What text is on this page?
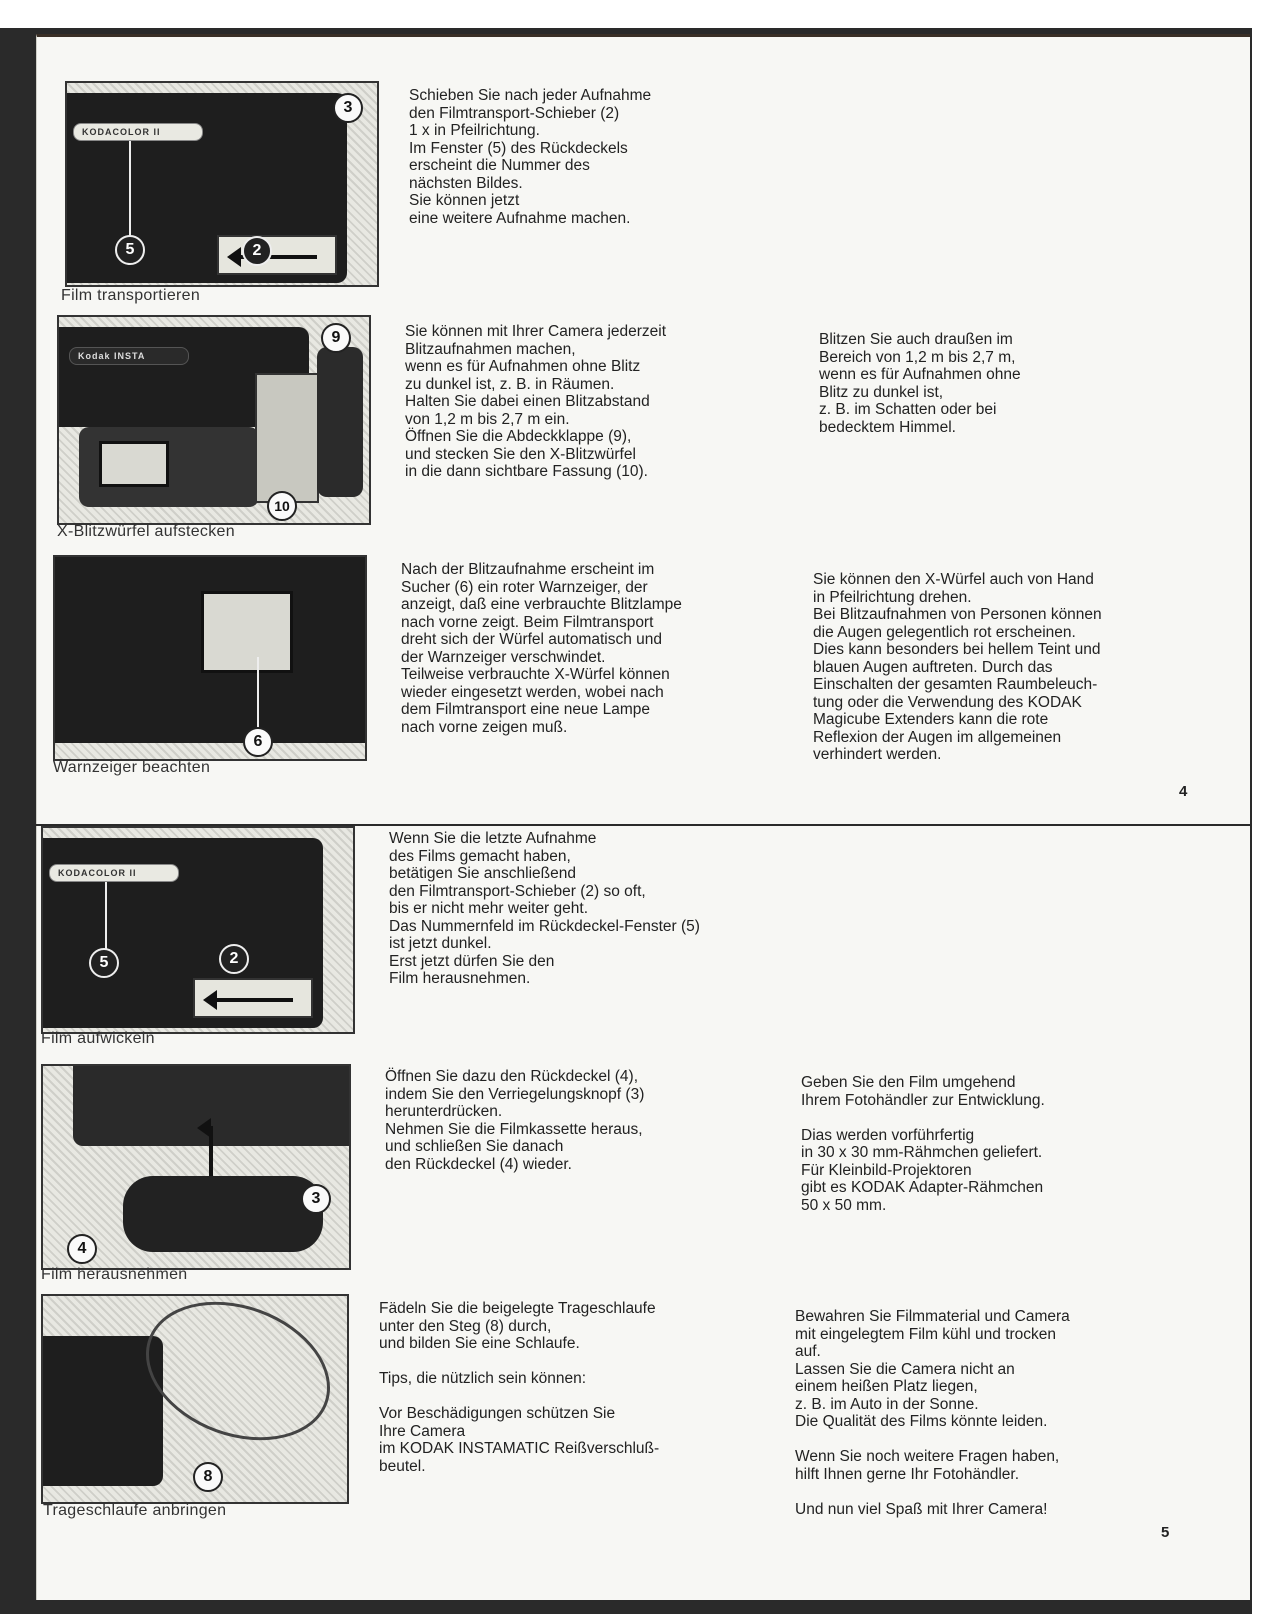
KODACOLOR II
3
5	2
Film transportieren
Schieben Sie nach jeder Aufnahme
den Filmtransport-Schieber (2)
1 x in Pfeilrichtung.
Im Fenster (5) des Rückdeckels
erscheint die Nummer des
nächsten Bildes.
Sie können jetzt
eine weitere Aufnahme machen.
Kodak INSTA
9
10
X-Blitzwürfel aufstecken
Sie können mit Ihrer Camera jederzeit
Blitzaufnahmen machen,
wenn es für Aufnahmen ohne Blitz
zu dunkel ist, z. B. in Räumen.
Halten Sie dabei einen Blitzabstand
von 1,2 m bis 2,7 m ein.
Öffnen Sie die Abdeckklappe (9),
und stecken Sie den X-Blitzwürfel
in die dann sichtbare Fassung (10).
Blitzen Sie auch draußen im
Bereich von 1,2 m bis 2,7 m,
wenn es für Aufnahmen ohne
Blitz zu dunkel ist,
z. B. im Schatten oder bei
bedecktem Himmel.
6
Warnzeiger beachten
Nach der Blitzaufnahme erscheint im
Sucher (6) ein roter Warnzeiger, der
anzeigt, daß eine verbrauchte Blitzlampe
nach vorne zeigt. Beim Filmtransport
dreht sich der Würfel automatisch und
der Warnzeiger verschwindet.
Teilweise verbrauchte X-Würfel können
wieder eingesetzt werden, wobei nach
dem Filmtransport eine neue Lampe
nach vorne zeigen muß.
Sie können den X-Würfel auch von Hand
in Pfeilrichtung drehen.
Bei Blitzaufnahmen von Personen können
die Augen gelegentlich rot erscheinen.
Dies kann besonders bei hellem Teint und
blauen Augen auftreten. Durch das
Einschalten der gesamten Raumbeleuch-
tung oder die Verwendung des KODAK
Magicube Extenders kann die rote
Reflexion der Augen im allgemeinen
verhindert werden.
4
KODACOLOR II
5	2
Film aufwickeln
Wenn Sie die letzte Aufnahme
des Films gemacht haben,
betätigen Sie anschließend
den Filmtransport-Schieber (2) so oft,
bis er nicht mehr weiter geht.
Das Nummernfeld im Rückdeckel-Fenster (5)
ist jetzt dunkel.
Erst jetzt dürfen Sie den
Film herausnehmen.
3
4
Film herausnehmen
Öffnen Sie dazu den Rückdeckel (4),
indem Sie den Verriegelungsknopf (3)
herunterdrücken.
Nehmen Sie die Filmkassette heraus,
und schließen Sie danach
den Rückdeckel (4) wieder.
Geben Sie den Film umgehend
Ihrem Fotohändler zur Entwicklung.

Dias werden vorführfertig
in 30 x 30 mm-Rähmchen geliefert.
Für Kleinbild-Projektoren
gibt es KODAK Adapter-Rähmchen
50 x 50 mm.
8
Trageschlaufe anbringen
Fädeln Sie die beigelegte Trageschlaufe
unter den Steg (8) durch,
und bilden Sie eine Schlaufe.

Tips, die nützlich sein können:

Vor Beschädigungen schützen Sie
Ihre Camera
im KODAK INSTAMATIC Reißverschluß-
beutel.
Bewahren Sie Filmmaterial und Camera
mit eingelegtem Film kühl und trocken
auf.
Lassen Sie die Camera nicht an
einem heißen Platz liegen,
z. B. im Auto in der Sonne.
Die Qualität des Films könnte leiden.

Wenn Sie noch weitere Fragen haben,
hilft Ihnen gerne Ihr Fotohändler.

Und nun viel Spaß mit Ihrer Camera!
5
